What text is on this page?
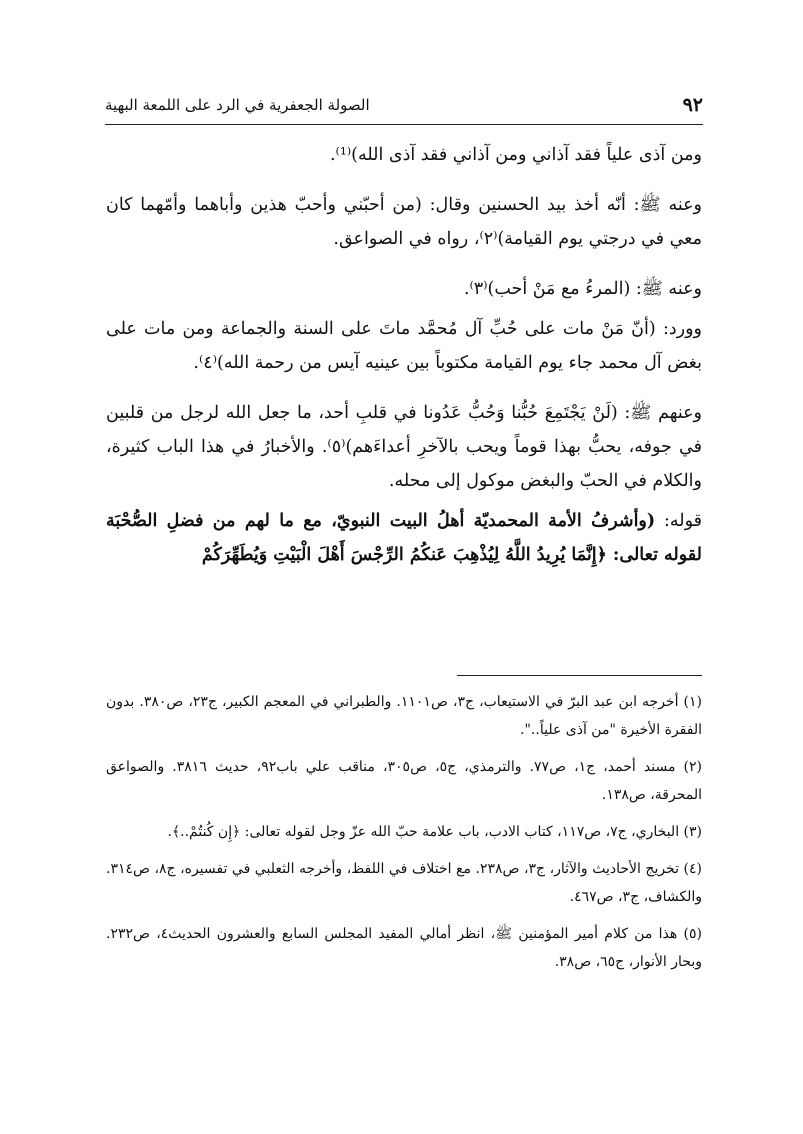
٩٢
الصولة الجعفرية في الرد على اللمعة البهية

ومن آذى علياً فقد آذاني ومن آذاني فقد آذى الله)⁽¹⁾.

وعنه ﷺ: أنّه أخذ بيد الحسنين وقال: (من أحبّني وأحبّ هذين وأباهما وأمّهما كان معي في درجتي يوم القيامة)⁽٢⁾، رواه في الصواعق.

وعنه ﷺ: (المرءُ مع مَنْ أحب)⁽٣⁾.

وورد: (أنّ مَنْ مات على حُبِّ آل مُحمَّد ماتَ على السنة والجماعة ومن مات على بغض آل محمد جاء يوم القيامة مكتوباً بين عينيه آيس من رحمة الله)⁽٤⁾.

وعنهم ﷺ: (لَنْ يَجْتَمِعَ حُبُّنا وَحُبُّ عَدُونا في قلبِ أحد، ما جعل الله لرجل من قلبين في جوفه، يحبُّ بهذا قوماً ويحب بالآخرِ أعداءَهم)⁽٥⁾. والأخبارُ في هذا الباب كثيرة، والكلام في الحبّ والبغض موكول إلى محله.

قوله: (وأشرفُ الأمة المحمديّة أهلُ البيت النبويّ، مع ما لهم من فضلِ الصُّحْبَة لقوله تعالى: ﴿إِنَّمَا يُرِيدُ اللَّهُ لِيُذْهِبَ عَنكُمُ الرِّجْسَ أَهْلَ الْبَيْتِ وَيُطَهِّرَكُمْ

(١) أخرجه ابن عبد البرّ في الاستيعاب، ج٣، ص١١٠١. والطبراني في المعجم الكبير، ج٢٣، ص٣٨٠. بدون الفقرة الأخيرة "من آذى علياً..".

(٢) مسند أحمد، ج١، ص٧٧. والترمذي، ج٥، ص٣٠٥، مناقب علي باب٩٢، حديث ٣٨١٦. والصواعق المحرقة، ص١٣٨.

(٣) البخاري، ج٧، ص١١٧، كتاب الادب، باب علامة حبّ الله عزّ وجل لقوله تعالى: ﴿إِن كُنتُمْ..﴾.

(٤) تخريج الأحاديث والآثار، ج٣، ص٢٣٨. مع اختلاف في اللفظ، وأخرجه الثعلبي في تفسيره، ج٨، ص٣١٤. والكشاف، ج٣، ص٤٦٧.

(٥) هذا من كلام أمير المؤمنين ﷺ، انظر أمالي المفيد المجلس السابع والعشرون الحديث٤، ص٢٣٢. وبحار الأنوار، ج٦٥، ص٣٨.
